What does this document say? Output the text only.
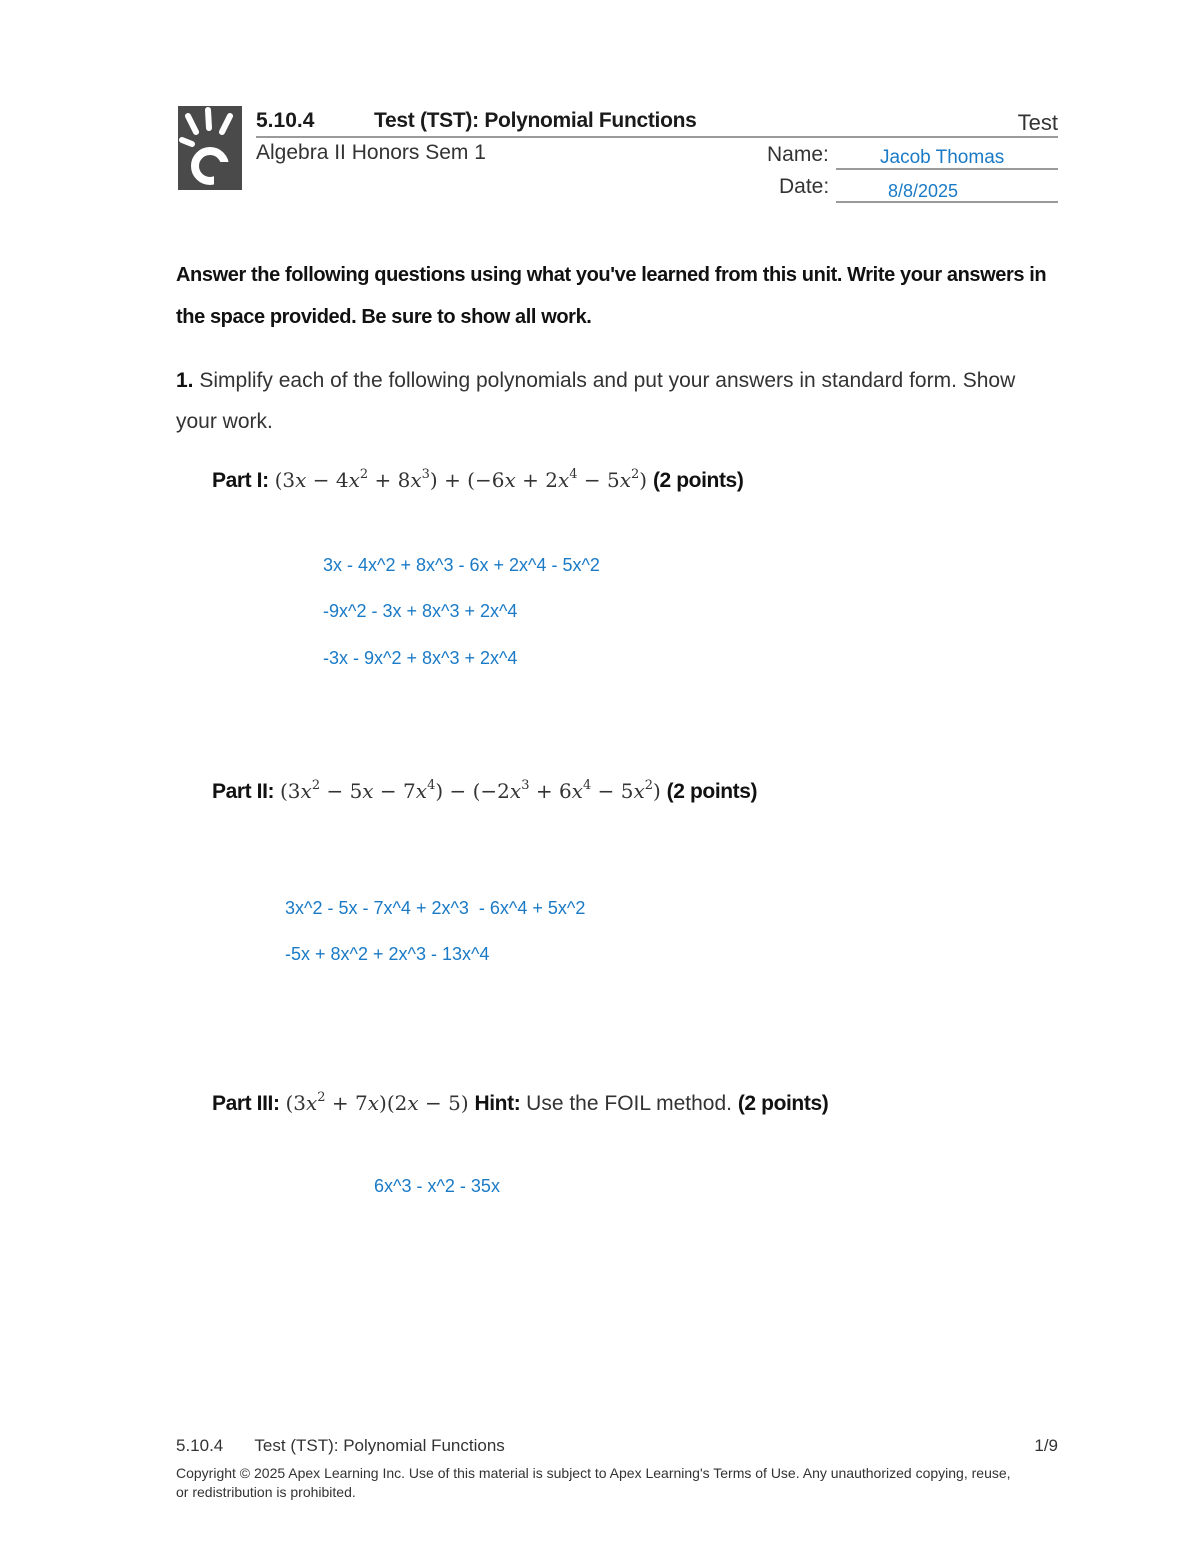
5.10.4	Test (TST): Polynomial Functions	Test
Algebra II Honors Sem 1	Name:	Jacob Thomas
Date:	8/8/2025
Answer the following questions using what you've learned from this unit. Write your answers in the space provided. Be sure to show all work.
1. Simplify each of the following polynomials and put your answers in standard form. Show your work.
Part I: $(3x - 4x^2 + 8x^3) + (-6x + 2x^4 - 5x^2)$ (2 points)
3x - 4x^2 + 8x^3 - 6x + 2x^4 - 5x^2
-9x^2 - 3x + 8x^3 + 2x^4
-3x - 9x^2 + 8x^3 + 2x^4
Part II: $(3x^2 - 5x - 7x^4) - (-2x^3 + 6x^4 - 5x^2)$ (2 points)
3x^2 - 5x - 7x^4 + 2x^3  - 6x^4 + 5x^2
-5x + 8x^2 + 2x^3 - 13x^4
Part III: $(3x^2 + 7x)(2x - 5)$ Hint: Use the FOIL method. (2 points)
6x^3 - x^2 - 35x
5.10.4 Test (TST): Polynomial Functions	1/9
Copyright © 2025 Apex Learning Inc. Use of this material is subject to Apex Learning's Terms of Use. Any unauthorized copying, reuse, or redistribution is prohibited.
